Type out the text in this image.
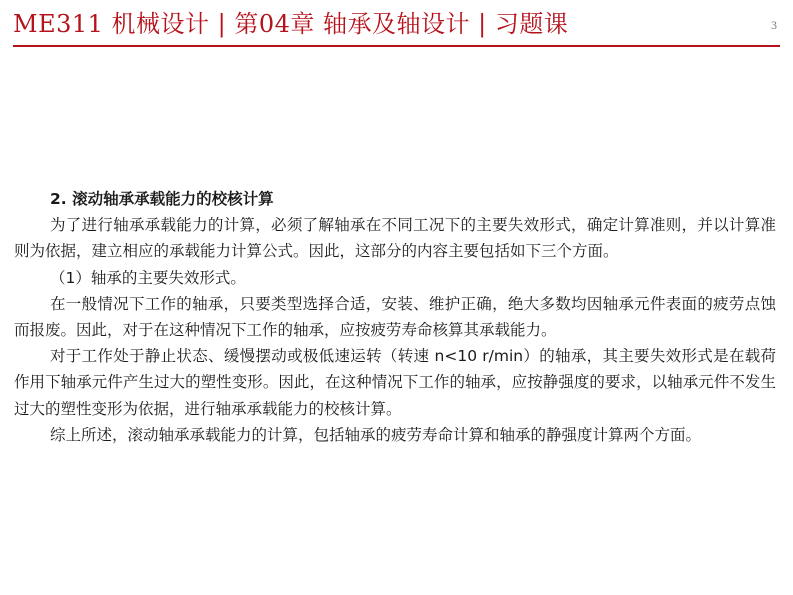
ME311 机械设计 | 第04章 轴承及轴设计 | 习题课	3

2. 滚动轴承承载能力的校核计算

为了进行轴承承载能力的计算，必须了解轴承在不同工况下的主要失效形式，确定计算准则，并以计算准则为依据，建立相应的承载能力计算公式。因此，这部分的内容主要包括如下三个方面。

（1）轴承的主要失效形式。

在一般情况下工作的轴承，只要类型选择合适，安装、维护正确，绝大多数均因轴承元件表面的疲劳点蚀而报废。因此，对于在这种情况下工作的轴承，应按疲劳寿命核算其承载能力。

对于工作处于静止状态、缓慢摆动或极低速运转（转速 n<10 r/min）的轴承，其主要失效形式是在载荷作用下轴承元件产生过大的塑性变形。因此，在这种情况下工作的轴承，应按静强度的要求，以轴承元件不发生过大的塑性变形为依据，进行轴承承载能力的校核计算。

综上所述，滚动轴承承载能力的计算，包括轴承的疲劳寿命计算和轴承的静强度计算两个方面。
